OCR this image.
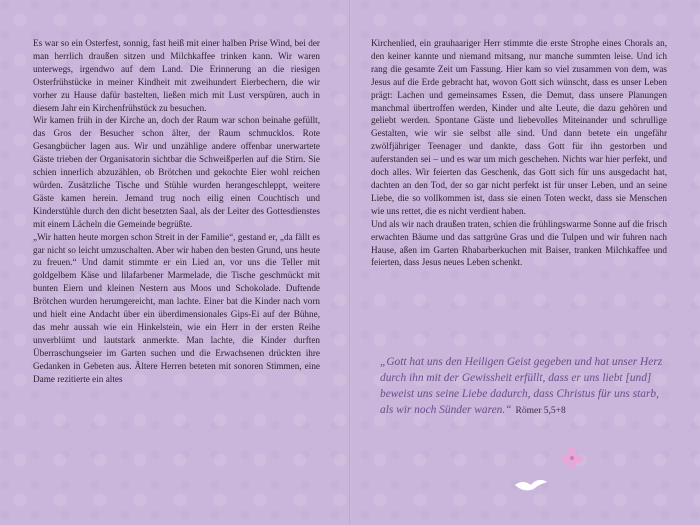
Es war so ein Osterfest, sonnig, fast heiß mit einer halben Prise Wind, bei der man herrlich draußen sitzen und Milchkaffee trinken kann. Wir waren unterwegs, irgendwo auf dem Land. Die Erinnerung an die riesigen Osterfrühstücke in meiner Kindheit mit zweihundert Eierbechern, die wir vorher zu Hause dafür bastelten, ließen mich mit Lust verspüren, auch in diesem Jahr ein Kirchenfrühstück zu besuchen.

Wir kamen früh in der Kirche an, doch der Raum war schon beinahe gefüllt, das Gros der Besucher schon älter, der Raum schmucklos. Rote Gesangbücher lagen aus. Wir und unzählige andere offenbar unerwartete Gäste trieben der Organisatorin sichtbar die Schweißperlen auf die Stirn. Sie schien innerlich abzuzählen, ob Brötchen und gekochte Eier wohl reichen würden. Zusätzliche Tische und Stühle wurden herangeschleppt, weitere Gäste kamen herein. Jemand trug noch eilig einen Couchtisch und Kinderstühle durch den dicht besetzten Saal, als der Leiter des Gottesdienstes mit einem Lächeln die Gemeinde begrüßte.

„Wir hatten heute morgen schon Streit in der Familie“, gestand er, „da fällt es gar nicht so leicht umzuschalten. Aber wir haben den besten Grund, uns heute zu freuen.“ Und damit stimmte er ein Lied an, vor uns die Teller mit goldgelbem Käse und lilafarbener Marmelade, die Tische geschmückt mit bunten Eiern und kleinen Nestern aus Moos und Schokolade. Duftende Brötchen wurden herumgereicht, man lachte. Einer bat die Kinder nach vorn und hielt eine Andacht über ein überdimensionales Gips-Ei auf der Bühne, das mehr aussah wie ein Hinkelstein, wie ein Herr in der ersten Reihe unverblümt und lautstark anmerkte. Man lachte, die Kinder durften Überraschungseier im Garten suchen und die Erwachsenen drückten ihre Gedanken in Gebeten aus. Ältere Herren beteten mit sonoren Stimmen, eine Dame rezitierte ein altes

Kirchenlied, ein grauhaariger Herr stimmte die erste Strophe eines Chorals an, den keiner kannte und niemand mitsang, nur manche summten leise. Und ich rang die gesamte Zeit um Fassung. Hier kam so viel zusammen von dem, was Jesus auf die Erde gebracht hat, wovon Gott sich wünscht, dass es unser Leben prägt: Lachen und gemeinsames Essen, die Demut, dass unsere Planungen manchmal übertroffen werden, Kinder und alte Leute, die dazu gehören und geliebt werden. Spontane Gäste und liebevolles Miteinander und schrullige Gestalten, wie wir sie selbst alle sind. Und dann betete ein ungefähr zwölfjähriger Teenager und dankte, dass Gott für ihn gestorben und auferstanden sei – und es war um mich geschehen. Nichts war hier perfekt, und doch alles. Wir feierten das Geschenk, das Gott sich für uns ausgedacht hat, dachten an den Tod, der so gar nicht perfekt ist für unser Leben, und an seine Liebe, die so vollkommen ist, dass sie einen Toten weckt, dass sie Menschen wie uns rettet, die es nicht verdient haben.

Und als wir nach draußen traten, schien die frühlingswarme Sonne auf die frisch erwachten Bäume und das sattgrüne Gras und die Tulpen und wir fuhren nach Hause, aßen im Garten Rhabarberkuchen mit Baiser, tranken Milchkaffee und feierten, dass Jesus neues Leben schenkt.

„Gott hat uns den Heiligen Geist gegeben und hat unser Herz durch ihn mit der Gewissheit erfüllt, dass er uns liebt [und] beweist uns seine Liebe dadurch, dass Christus für uns starb, als wir noch Sünder waren.“ Römer 5,5+8
